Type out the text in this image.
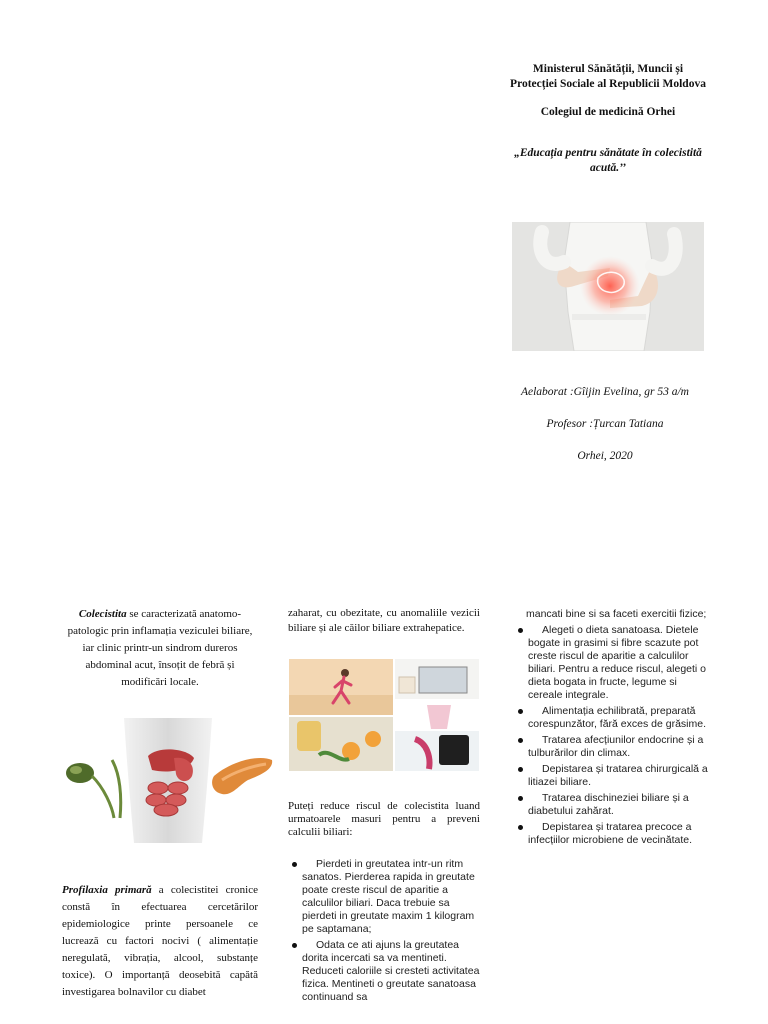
Ministerul Sănătății, Muncii și Protecției Sociale al Republicii Moldova
Colegiul de medicină Orhei
„Educația pentru sănătate în colecistită acută.’’
Aelaborat :Gîijin Evelina, gr 53 a/m
Profesor :Țurcan Tatiana
Orhei, 2020

Colecistita se caracterizată anatomo-patologic prin inflamația veziculei biliare, iar clinic printr-un sindrom dureros abdominal acut, însoțit de febră și modificări locale.

Profilaxia primară a colecistitei cronice constă în efectuarea cercetărilor epidemiologice printe persoanele ce lucrează cu factori nocivi ( alimentație neregulată, vibrația, alcool, substanțe toxice). O importanță deosebită capătă investigarea bolnavilor cu diabet
zaharat, cu obezitate, cu anomaliile vezicii biliare și ale căilor biliare extrahepatice.
Puteți reduce riscul de colecistita luand urmatoarele masuri pentru a preveni calculii biliari:
Pierdeti in greutatea intr-un ritm sanatos. Pierderea rapida in greutate poate creste riscul de aparitie a calculilor biliari. Daca trebuie sa pierdeti in greutate maxim 1 kilogram pe saptamana;
Odata ce ati ajuns la greutatea dorita incercati sa va mentineti. Reduceti caloriile si cresteti activitatea fizica. Mentineti o greutate sanatoasa continuand sa
mancati bine si sa faceti exercitii fizice;
Alegeti o dieta sanatoasa. Dietele bogate in grasimi si fibre scazute pot creste riscul de aparitie a calculilor biliari. Pentru a reduce riscul, alegeti o dieta bogata in fructe, legume si cereale integrale.
Alimentația echilibrată, preparată corespunzător, fără exces de grăsime.
Tratarea afecțiunilor endocrine și a tulburărilor din climax.
Depistarea și tratarea chirurgicală a litiazei biliare.
Tratarea dischineziei biliare și a diabetului zahărat.
Depistarea și tratarea precoce a infecțiilor microbiene de vecinătate.
